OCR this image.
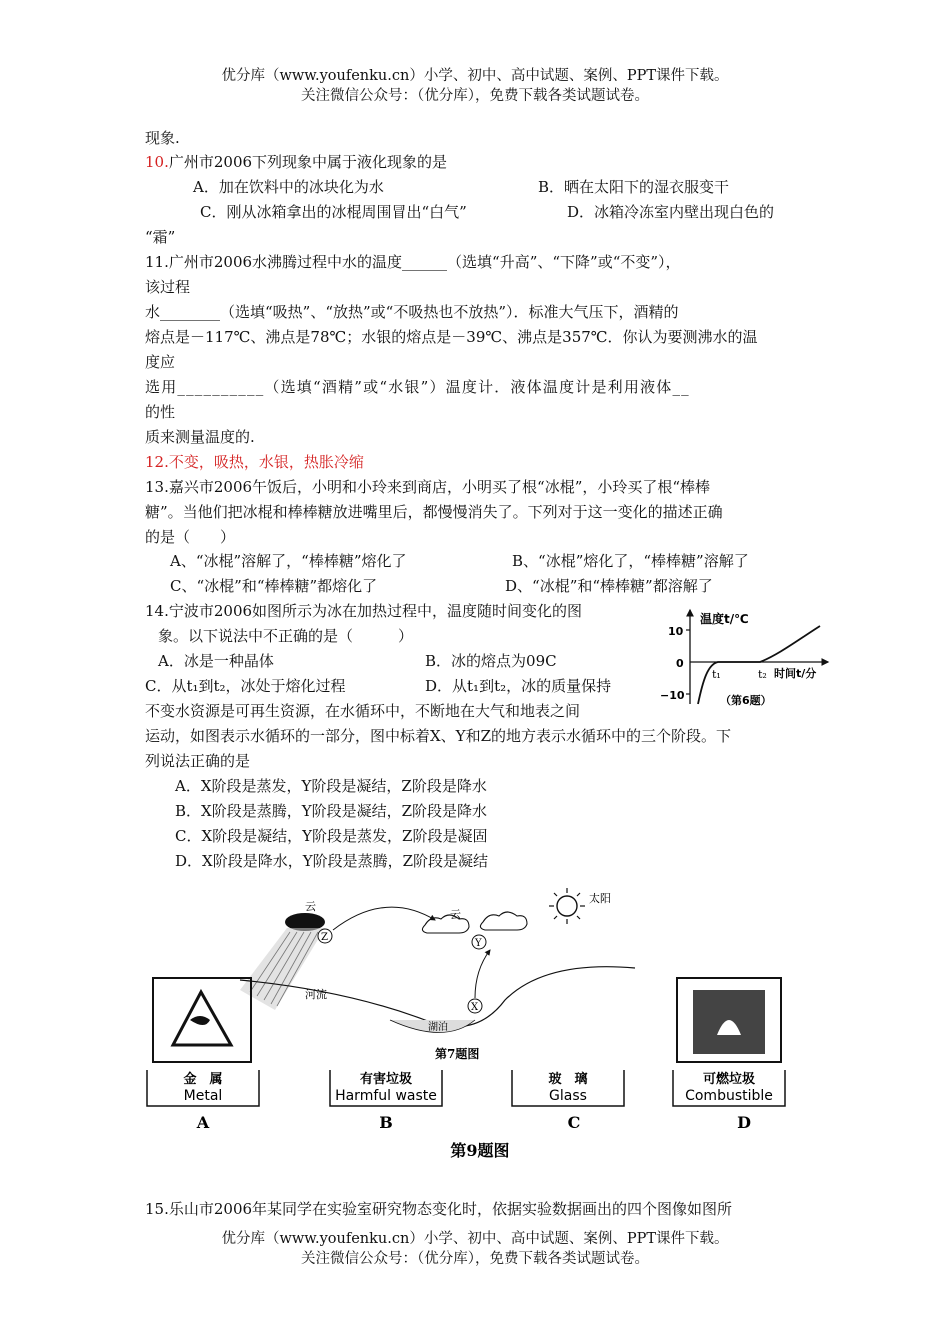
优分库（www.youfenku.cn）小学、初中、高中试题、案例、PPT课件下载。
关注微信公众号：（优分库），免费下载各类试题试卷。
现象.
10.广州市2006下列现象中属于液化现象的是
A．加在饮料中的冰块化为水	B．晒在太阳下的湿衣服变干
C．刚从冰箱拿出的冰棍周围冒出“白气”	D．冰箱冷冻室内壁出现白色的
“霜”
11.广州市2006水沸腾过程中水的温度______（选填“升高”、“下降”或“不变”），
该过程
水________（选填“吸热”、“放热”或“不吸热也不放热”）．标准大气压下，酒精的
熔点是－117℃、沸点是78℃；水银的熔点是－39℃、沸点是357℃．你认为要测沸水的温
度应
选用__________（选填“酒精”或“水银”）温度计．液体温度计是利用液体__
的性
质来测量温度的.
12.不变，吸热，水银，热胀冷缩
13.嘉兴市2006午饭后，小明和小玲来到商店，小明买了根“冰棍”，小玲买了根“棒棒
糖”。当他们把冰棍和棒棒糖放进嘴里后，都慢慢消失了。下列对于这一变化的描述正确
的是（　　）
A、“冰棍”溶解了，“棒棒糖”熔化了	B、“冰棍”熔化了，“棒棒糖”溶解了
C、“冰棍”和“棒棒糖”都熔化了	D、“冰棍”和“棒棒糖”都溶解了
14.宁波市2006如图所示为冰在加热过程中，温度随时间变化的图
象。以下说法中不正确的是（　　　）
A．冰是一种晶体	B．冰的熔点为09C
C．从t₁到t₂，冰处于熔化过程	D．从t₁到t₂，冰的质量保持
不变水资源是可再生资源，在水循环中，不断地在大气和地表之间
运动，如图表示水循环的一部分，图中标着X、Y和Z的地方表示水循环中的三个阶段。下
列说法正确的是
A．X阶段是蒸发，Y阶段是凝结，Z阶段是降水
B．X阶段是蒸腾，Y阶段是凝结，Z阶段是降水
C．X阶段是凝结，Y阶段是蒸发，Z阶段是凝固
D．X阶段是降水，Y阶段是蒸腾，Z阶段是凝结
温度t/℃
10
0
−10
t₁	t₂ 时间t/分
（第6题）
太阳
云
云
Z
Y
河流
湖泊
X
第7题图
金　属
Metal
A
有害垃圾
Harmful waste
B
玻　璃
Glass
C
可燃垃圾
Combustible
D
第9题图
15.乐山市2006年某同学在实验室研究物态变化时，依据实验数据画出的四个图像如图所
优分库（www.youfenku.cn）小学、初中、高中试题、案例、PPT课件下载。
关注微信公众号：（优分库），免费下载各类试题试卷。
